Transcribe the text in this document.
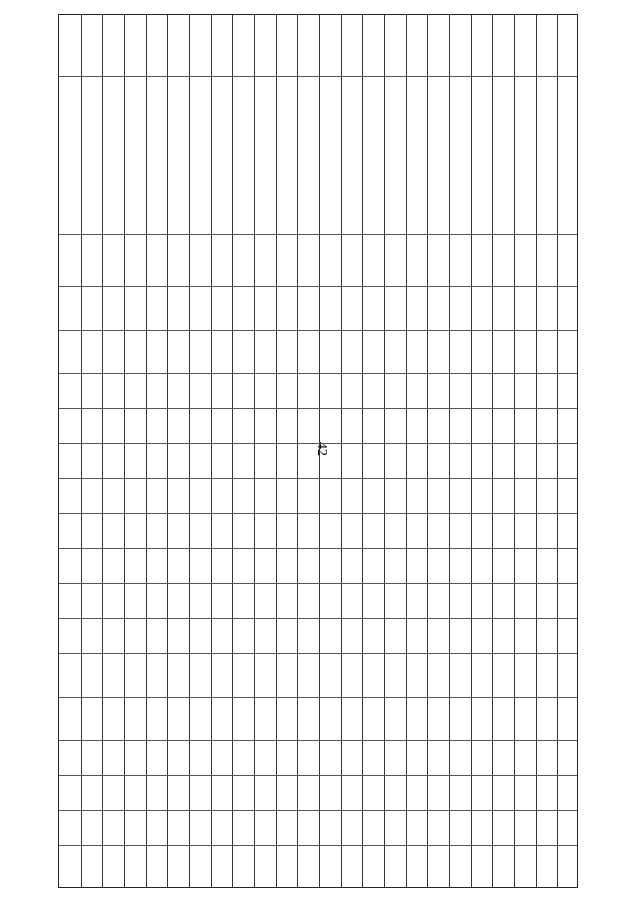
42
